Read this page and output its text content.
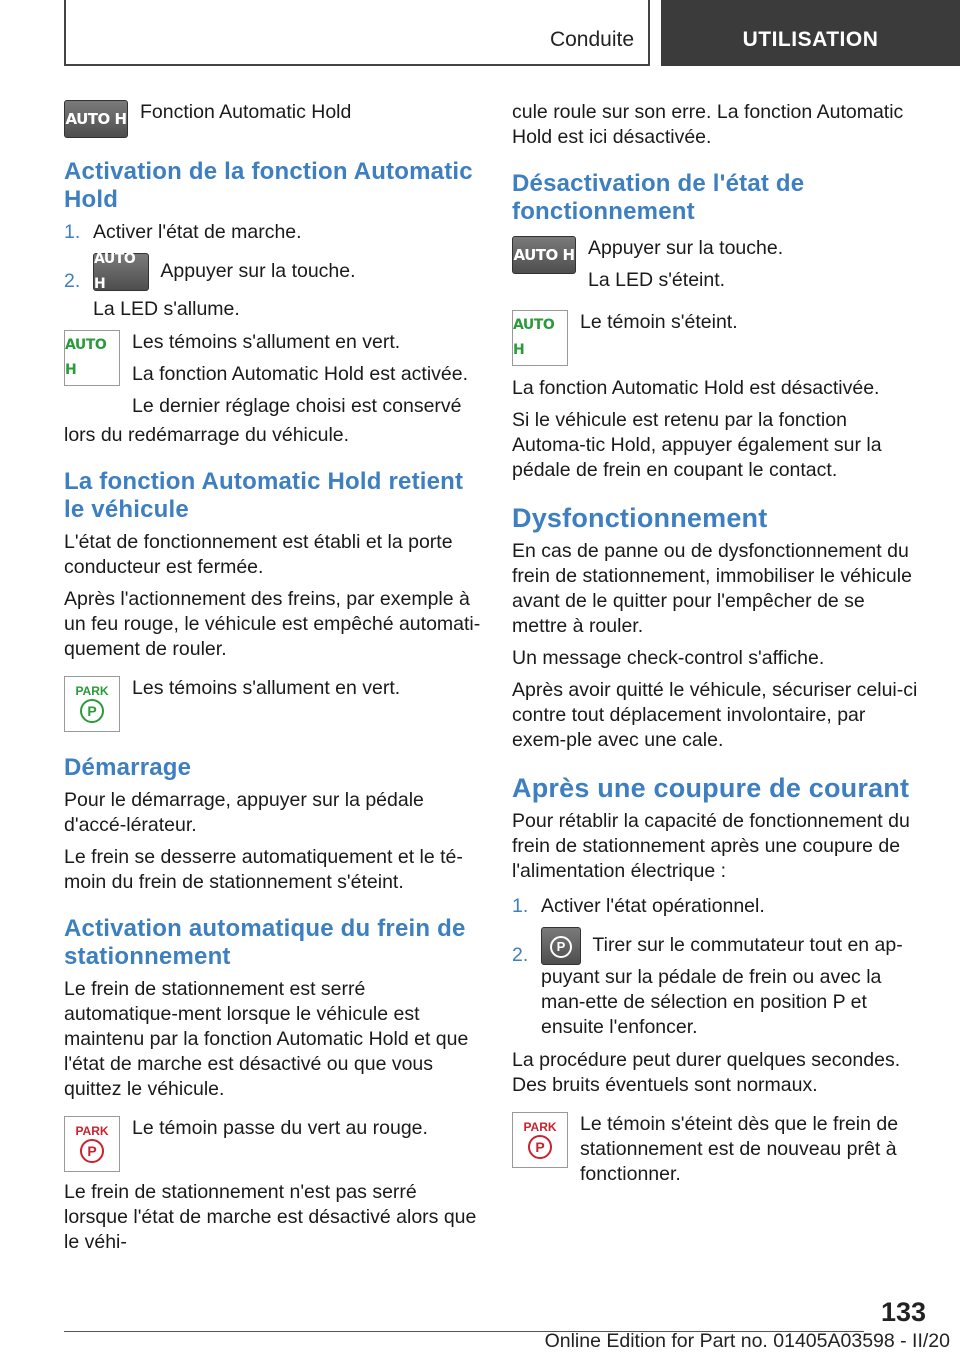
Conduite	UTILISATION
AUTO H Fonction Automatic Hold

Activation de la fonction Automatic Hold
1. Activer l'état de marche.
2.
AUTO H Appuyer sur la touche.
La LED s'allume.
AUTO H

Les témoins s'allument en vert.

La fonction Automatic Hold est activée.

Le dernier réglage choisi est conservé

lors du redémarrage du véhicule.

La fonction Automatic Hold retient le véhicule

L'état de fonctionnement est établi et la porte conducteur est fermée.

Après l'actionnement des freins, par exemple à un feu rouge, le véhicule est empêché automati-quement de rouler.

PARK
P

Les témoins s'allument en vert.

Démarrage

Pour le démarrage, appuyer sur la pédale d'accé-lérateur.

Le frein se desserre automatiquement et le té-moin du frein de stationnement s'éteint.

Activation automatique du frein de stationnement

Le frein de stationnement est serré automatique-ment lorsque le véhicule est maintenu par la fonction Automatic Hold et que l'état de marche est désactivé ou que vous quittez le véhicule.

PARK
P

Le témoin passe du vert au rouge.

Le frein de stationnement n'est pas serré lorsque l'état de marche est désactivé alors que le véhi-

cule roule sur son erre. La fonction Automatic Hold est ici désactivée.

Désactivation de l'état de fonctionnement
AUTO H Appuyer sur la touche.

La LED s'éteint.

AUTO H

Le témoin s'éteint.

La fonction Automatic Hold est désactivée.

Si le véhicule est retenu par la fonction Automa-tic Hold, appuyer également sur la pédale de frein en coupant le contact.

Dysfonctionnement

En cas de panne ou de dysfonctionnement du frein de stationnement, immobiliser le véhicule avant de le quitter pour l'empêcher de se mettre à rouler.

Un message check-control s'affiche.

Après avoir quitté le véhicule, sécuriser celui-ci contre tout déplacement involontaire, par exem-ple avec une cale.

Après une coupure de courant

Pour rétablir la capacité de fonctionnement du frein de stationnement après une coupure de l'alimentation électrique :

1. Activer l'état opérationnel.
2.	P	Tirer sur le commutateur tout en ap-puyant sur la pédale de frein ou avec la man-ette de sélection en position P et ensuite l'enfoncer.

La procédure peut durer quelques secondes. Des bruits éventuels sont normaux.

PARK
P

Le témoin s'éteint dès que le frein de stationnement est de nouveau prêt à fonctionner.

133
Online Edition for Part no. 01405A03598 - II/20
